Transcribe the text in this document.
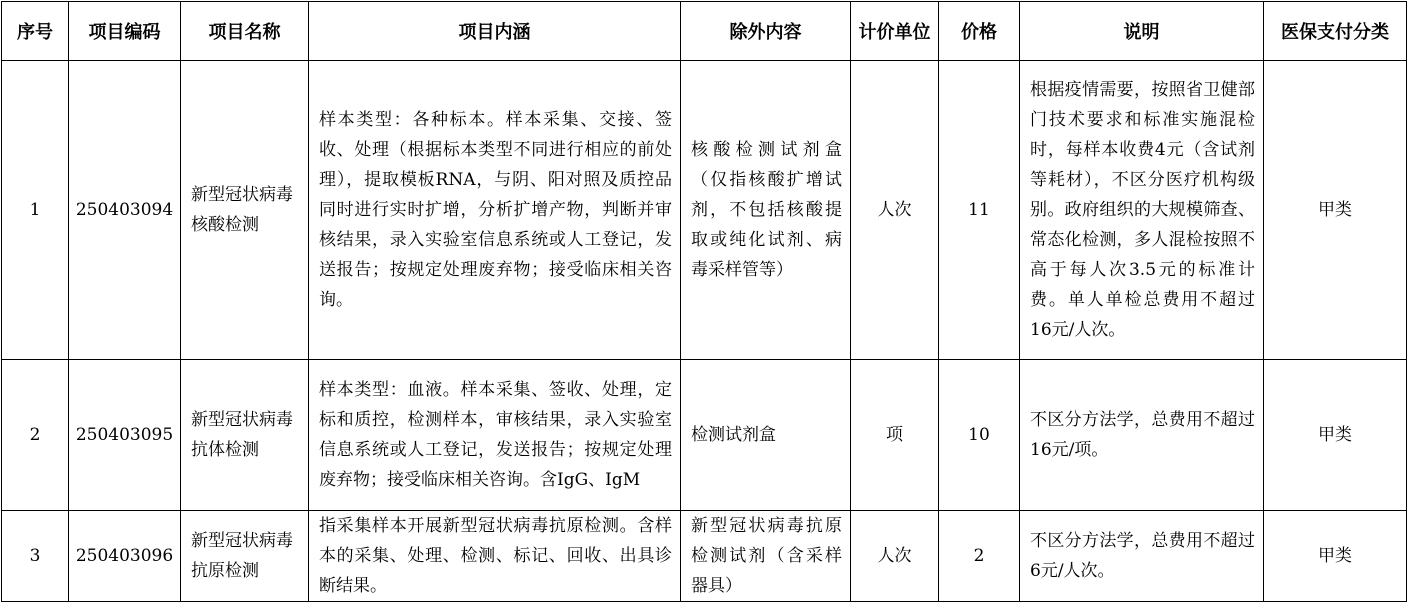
序号	项目编码	项目名称	项目内涵	除外内容	计价单位	价格	说明	医保支付分类
1	250403094	新型冠状病毒核酸检测	样本类型：各种标本。样本采集、交接、签收、处理（根据标本类型不同进行相应的前处理），提取模板RNA，与阴、阳对照及质控品同时进行实时扩增，分析扩增产物，判断并审核结果，录入实验室信息系统或人工登记，发送报告；按规定处理废弃物；接受临床相关咨询。	核酸检测试剂盒（仅指核酸扩增试剂，不包括核酸提取或纯化试剂、病毒采样管等）	人次	11	根据疫情需要，按照省卫健部门技术要求和标准实施混检时，每样本收费4元（含试剂等耗材），不区分医疗机构级别。政府组织的大规模筛查、常态化检测，多人混检按照不高于每人次3.5元的标准计费。单人单检总费用不超过16元/人次。	甲类
2	250403095	新型冠状病毒抗体检测	样本类型：血液。样本采集、签收、处理，定标和质控，检测样本，审核结果，录入实验室信息系统或人工登记，发送报告；按规定处理废弃物；接受临床相关咨询。含IgG、IgM	检测试剂盒	项	10	不区分方法学，总费用不超过16元/项。	甲类
3	250403096	新型冠状病毒抗原检测	指采集样本开展新型冠状病毒抗原检测。含样本的采集、处理、检测、标记、回收、出具诊断结果。	新型冠状病毒抗原检测试剂（含采样器具）	人次	2	不区分方法学，总费用不超过6元/人次。	甲类
